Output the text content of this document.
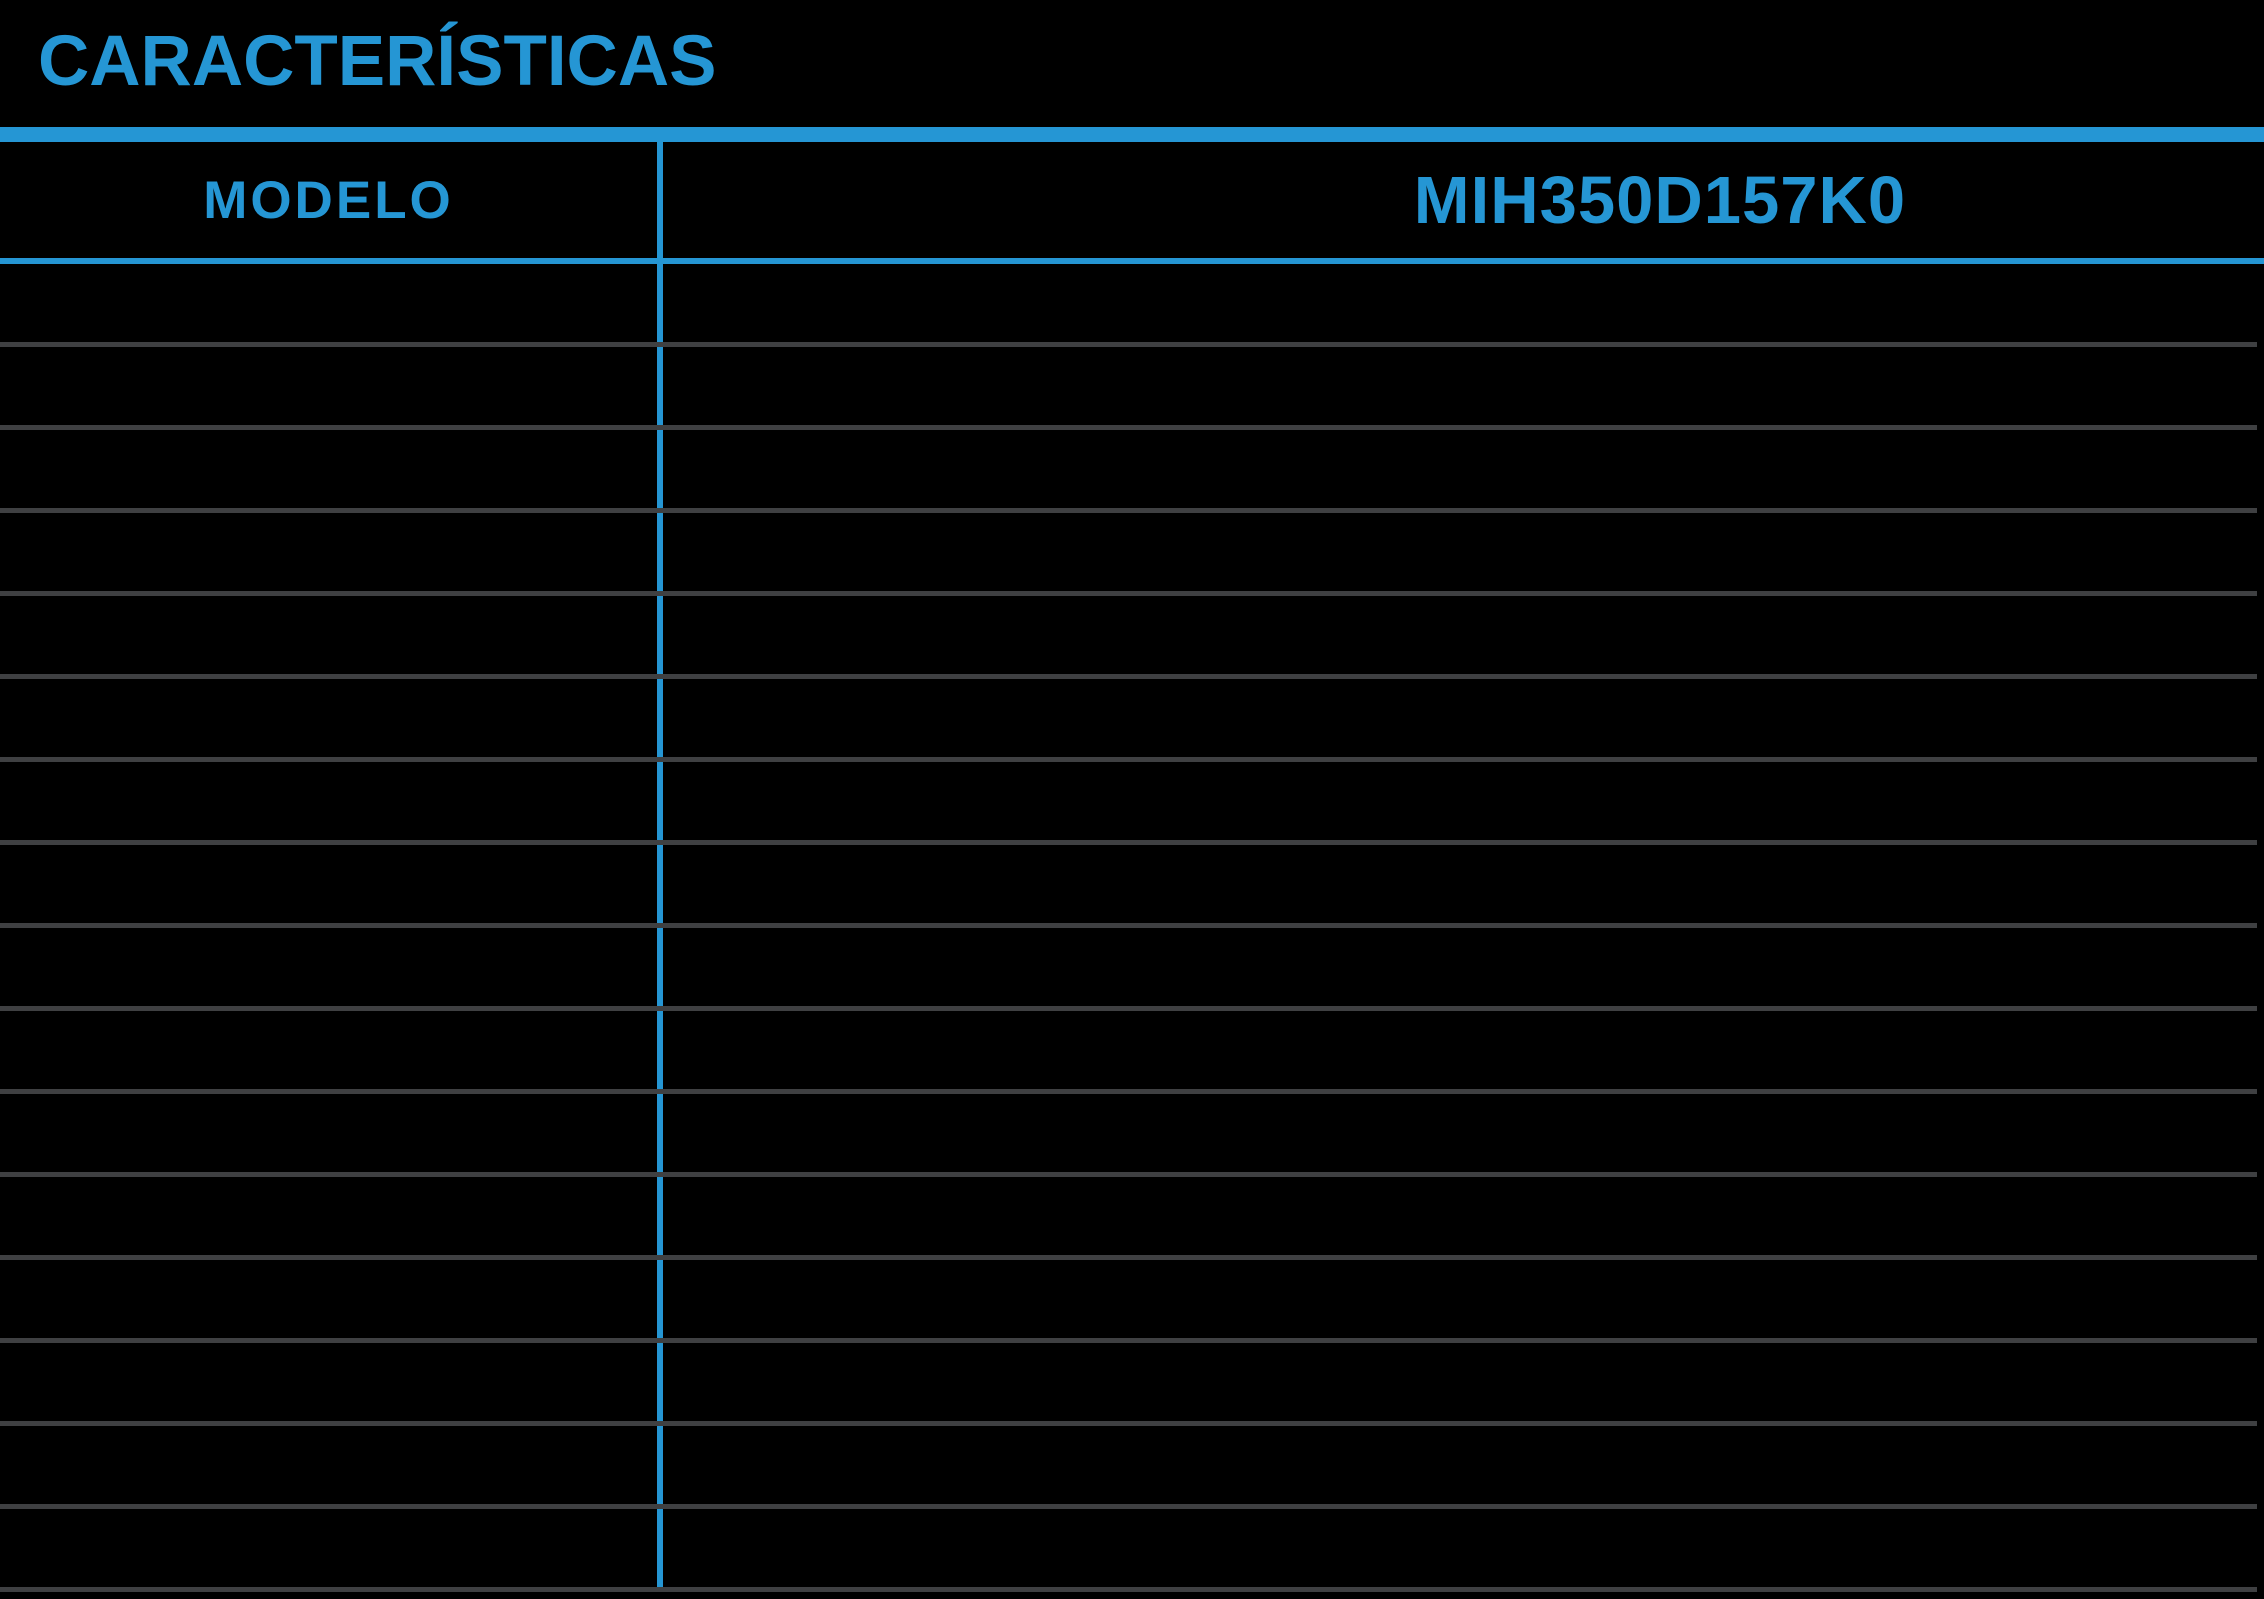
CARACTERÍSTICAS
MODELO	MIH350D157K0
